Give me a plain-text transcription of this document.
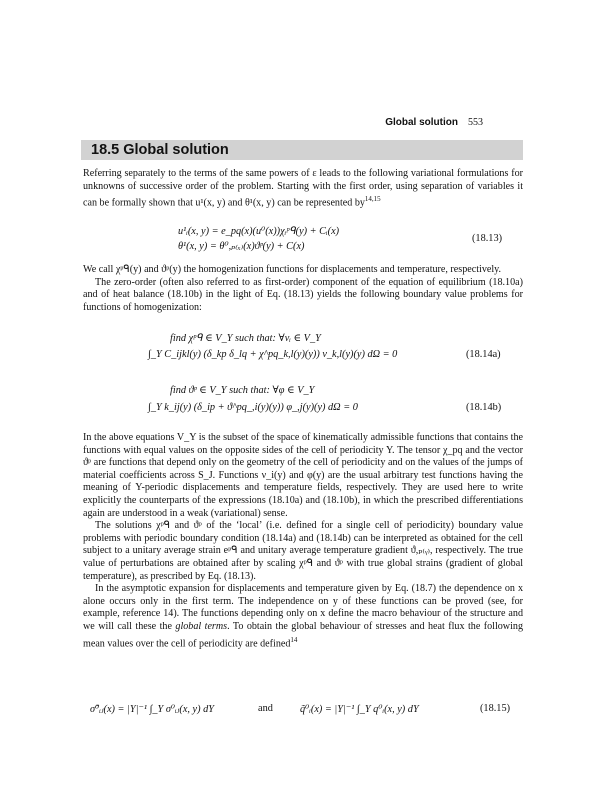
Global solution 553
18.5 Global solution

Referring separately to the terms of the same powers of ε leads to the following variational formulations for unknowns of successive order of the problem. Starting with the first order, using separation of variables it can be formally shown that u¹(x, y) and θ¹(x, y) can be represented by$^{14,15}$

u¹ᵢ(x, y) = e_pq(x)(u⁰(x))χᵢᵖᑫ(y) + Cᵢ(x)
θ¹(x, y) = θ⁰,ₚ₍ₓ₎(x)ϑᵖ(y) + C(x)
(18.13)

We call χᵖᑫ(y) and ϑᵖ(y) the homogenization functions for displacements and temperature, respectively.

The zero-order (often also referred to as first-order) component of the equation of equilibrium (18.10a) and of heat balance (18.10b) in the light of Eq. (18.13) yields the following boundary value problems for functions of homogenization:

find χᵖᑫ ∈ V_Y such that: ∀νᵢ ∈ V_Y
∫_Y C_ijkl(y) (δ_kp δ_lq + χ^pq_k,l(y)(y)) ν_k,l(y)(y) dΩ = 0	(18.14a)
find ϑᵖ ∈ V_Y such that: ∀φ ∈ V_Y
∫_Y k_ij(y) (δ_ip + ϑ^pq_,i(y)(y)) φ_,j(y)(y) dΩ = 0	(18.14b)

In the above equations V_Y is the subset of the space of kinematically admissible functions that contains the functions with equal values on the opposite sides of the cell of periodicity Y. The tensor χ_pq and the vector ϑᵖ are functions that depend only on the geometry of the cell of periodicity and on the values of the jumps of material coefficients across S_J. Functions ν_i(y) and φ(y) are the usual arbitrary test functions having the meaning of Y-periodic displacements and temperature fields, respectively. They are used here to write explicitly the counterparts of the expressions (18.10a) and (18.10b), in which the prescribed differentiations again are understood in a weak (variational) sense.

The solutions χᵖᑫ and ϑᵖ of the ‘local’ (i.e. defined for a single cell of periodicity) boundary value problems with periodic boundary condition (18.14a) and (18.14b) can be interpreted as obtained for the cell subject to a unitary average strain eᵖᑫ and unitary average temperature gradient ϑ,ₚ₍ᵧ₎, respectively. The true value of perturbations are obtained after by scaling χᵖᑫ and ϑᵖ with true global strains (gradient of global temperature), as prescribed by Eq. (18.13).

In the asymptotic expansion for displacements and temperature given by Eq. (18.7) the dependence on x alone occurs only in the first term. The independence on y of these functions can be proved (see, for example, reference 14). The functions depending only on x define the macro behaviour of the structure and we will call these the global terms. To obtain the global behaviour of stresses and heat flux the following mean values over the cell of periodicity are defined$^{14}$

σ̃⁰ᵢⱼ(x) = |Y|⁻¹ ∫_Y σ⁰ᵢⱼ(x, y) dY	and	q̃⁰ᵢ(x) = |Y|⁻¹ ∫_Y q⁰ᵢ(x, y) dY	(18.15)
